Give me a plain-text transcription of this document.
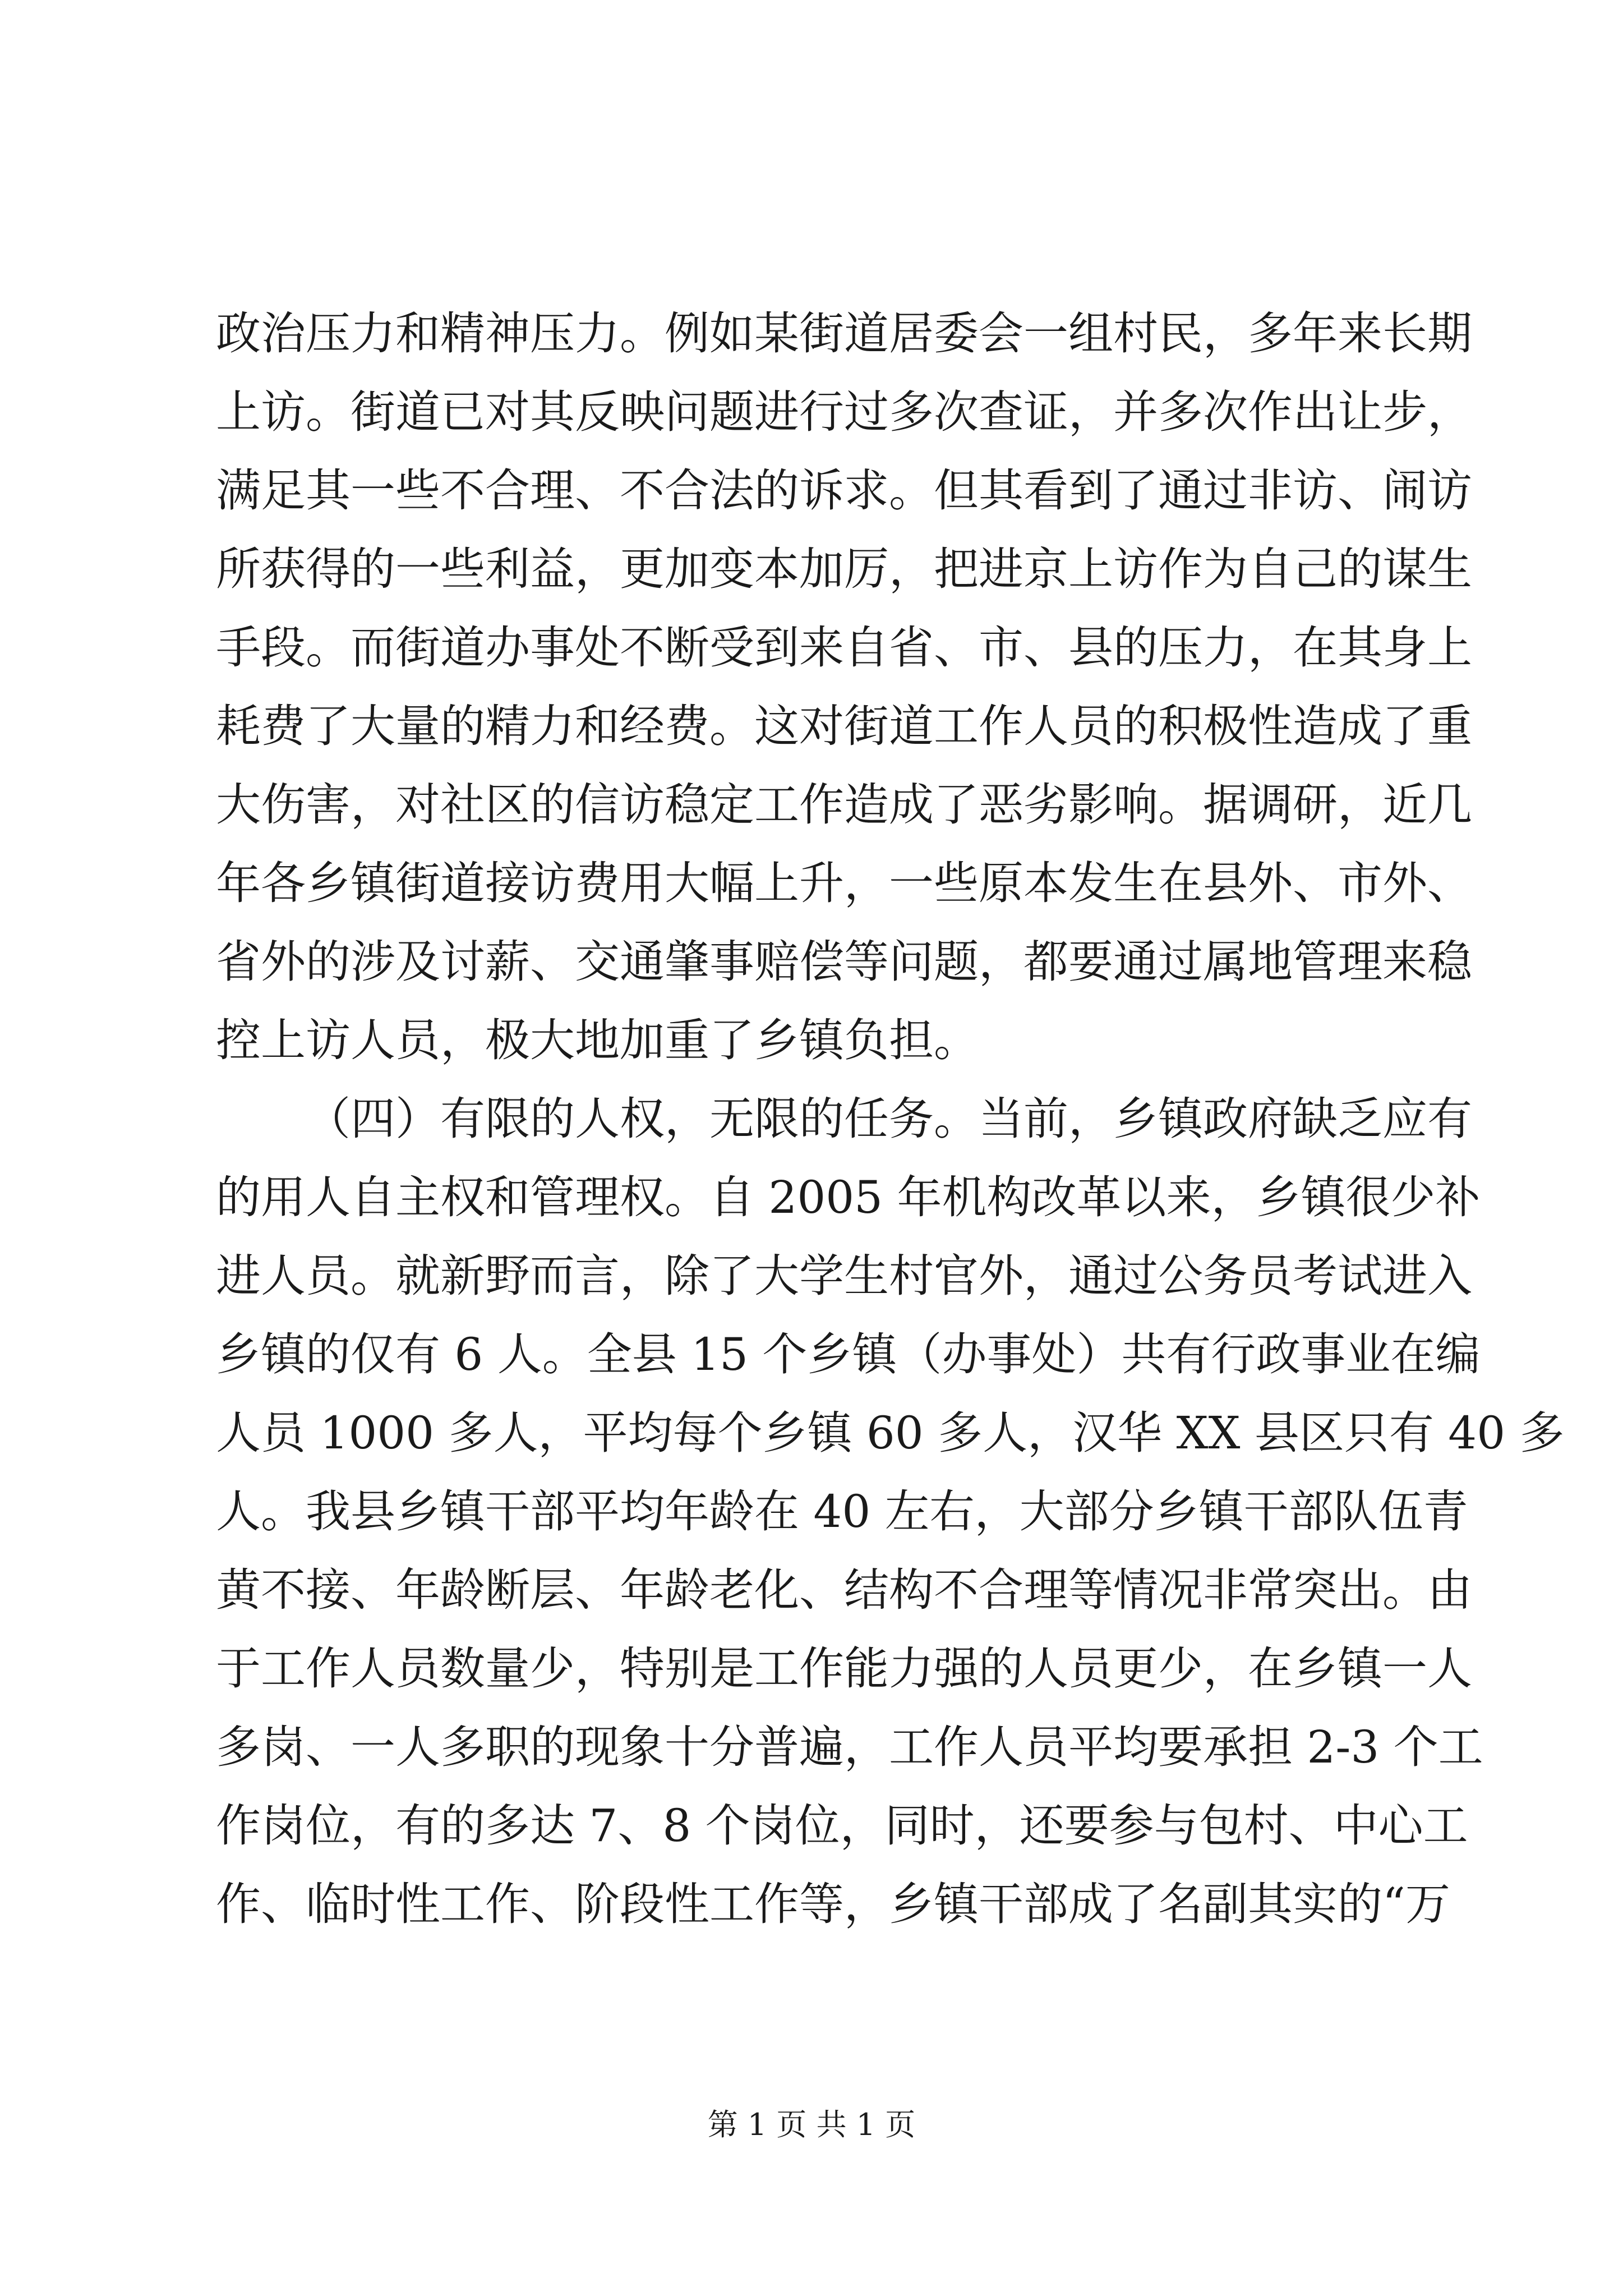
政治压力和精神压力。例如某街道居委会一组村民，多年来长期
上访。街道已对其反映问题进行过多次查证，并多次作出让步，
满足其一些不合理、不合法的诉求。但其看到了通过非访、闹访
所获得的一些利益，更加变本加厉，把进京上访作为自己的谋生
手段。而街道办事处不断受到来自省、市、县的压力，在其身上
耗费了大量的精力和经费。这对街道工作人员的积极性造成了重
大伤害，对社区的信访稳定工作造成了恶劣影响。据调研，近几
年各乡镇街道接访费用大幅上升，一些原本发生在县外、市外、
省外的涉及讨薪、交通肇事赔偿等问题，都要通过属地管理来稳
控上访人员，极大地加重了乡镇负担。
（四）有限的人权，无限的任务。当前，乡镇政府缺乏应有
的用人自主权和管理权。自 2005 年机构改革以来，乡镇很少补
进人员。就新野而言，除了大学生村官外，通过公务员考试进入
乡镇的仅有 6 人。全县 15 个乡镇（办事处）共有行政事业在编
人员 1000 多人，平均每个乡镇 60 多人，汉华 XX 县区只有 40 多
人。我县乡镇干部平均年龄在 40 左右，大部分乡镇干部队伍青
黄不接、年龄断层、年龄老化、结构不合理等情况非常突出。由
于工作人员数量少，特别是工作能力强的人员更少，在乡镇一人
多岗、一人多职的现象十分普遍，工作人员平均要承担 2-3 个工
作岗位，有的多达 7、8 个岗位，同时，还要参与包村、中心工
作、临时性工作、阶段性工作等，乡镇干部成了名副其实的“万
第 1 页 共 1 页
